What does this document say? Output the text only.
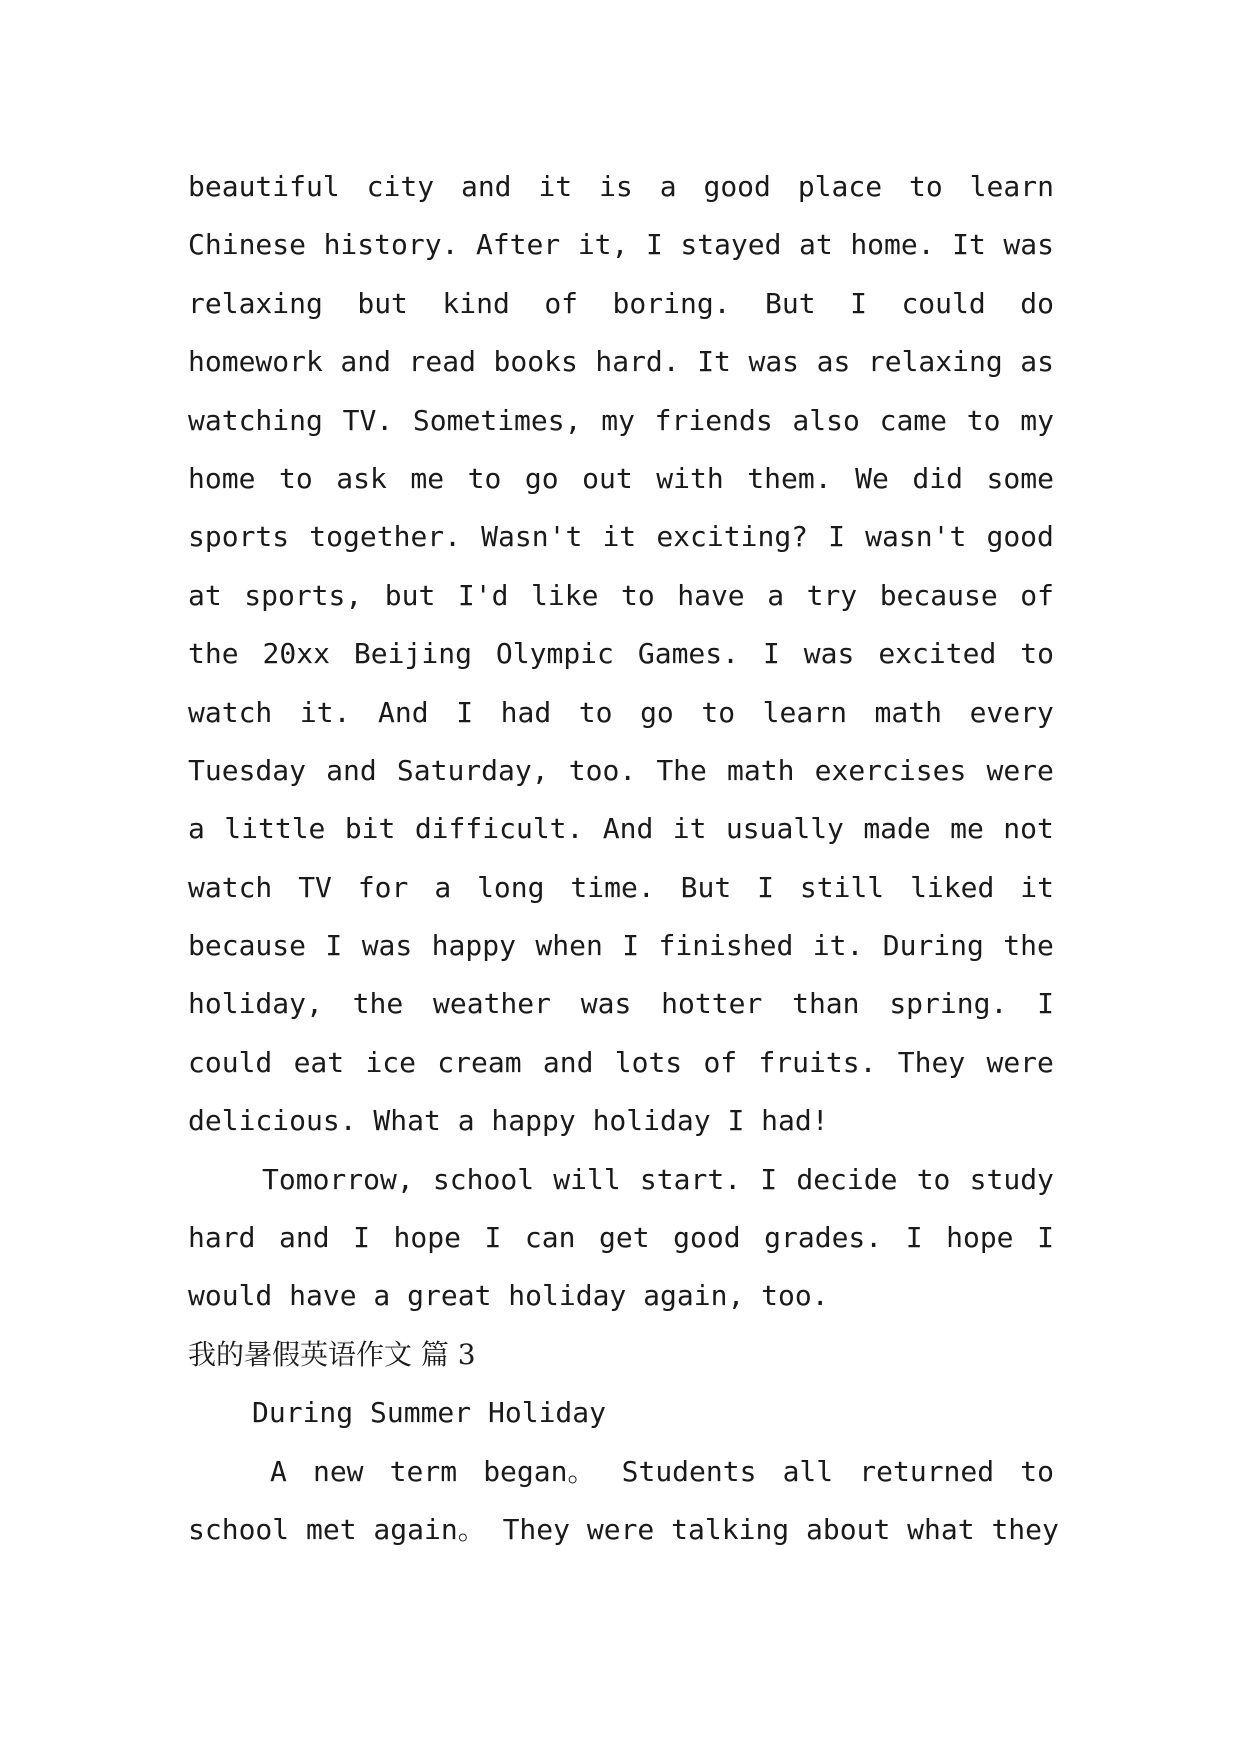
beautiful city and it is a good place to learn
Chinese history. After it, I stayed at home. It was
relaxing but kind of boring. But I could do
homework and read books hard. It was as relaxing as
watching TV. Sometimes, my friends also came to my
home to ask me to go out with them. We did some
sports together. Wasn't it exciting? I wasn't good
at sports, but I'd like to have a try because of
the 20xx Beijing Olympic Games. I was excited to
watch it. And I had to go to learn math every
Tuesday and Saturday, too. The math exercises were
a little bit difficult. And it usually made me not
watch TV for a long time. But I still liked it
because I was happy when I finished it. During the
holiday, the weather was hotter than spring. I
could eat ice cream and lots of fruits. They were
delicious. What a happy holiday I had!
Tomorrow, school will start. I decide to study
hard and I hope I can get good grades. I hope I
would have a great holiday again, too.
我的暑假英语作文 篇 3
During Summer Holiday
A new term began。 Students all returned to
school met again。 They were talking about what they
